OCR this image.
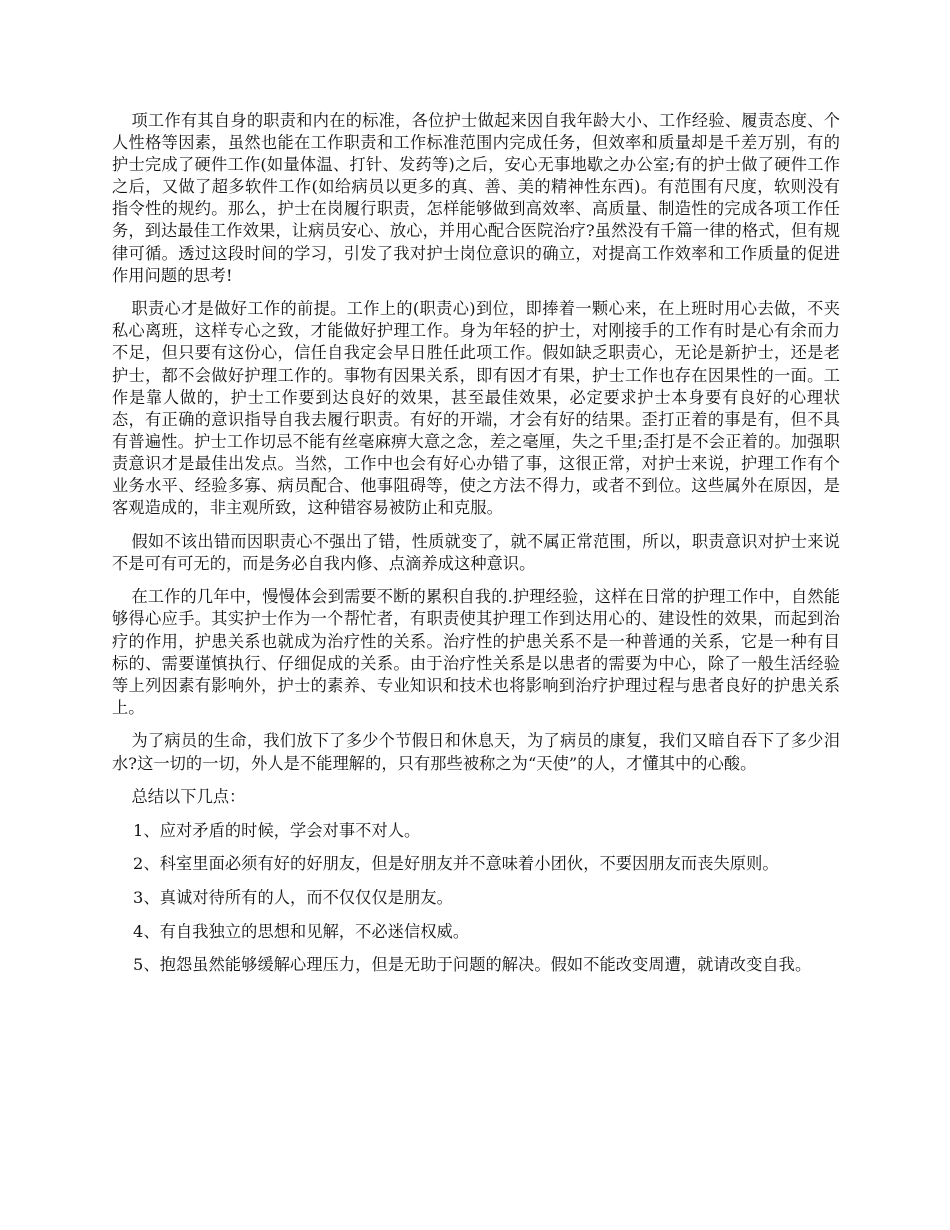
项工作有其自身的职责和内在的标准，各位护士做起来因自我年龄大小、工作经验、履责态度、个人性格等因素，虽然也能在工作职责和工作标准范围内完成任务，但效率和质量却是千差万别，有的护士完成了硬件工作(如量体温、打针、发药等)之后，安心无事地歇之办公室;有的护士做了硬件工作之后，又做了超多软件工作(如给病员以更多的真、善、美的精神性东西)。有范围有尺度，软则没有指令性的规约。那么，护士在岗履行职责，怎样能够做到高效率、高质量、制造性的完成各项工作任务，到达最佳工作效果，让病员安心、放心，并用心配合医院治疗?虽然没有千篇一律的格式，但有规律可循。透过这段时间的学习，引发了我对护士岗位意识的确立，对提高工作效率和工作质量的促进作用问题的思考!

职责心才是做好工作的前提。工作上的(职责心)到位，即捧着一颗心来，在上班时用心去做，不夹私心离班，这样专心之致，才能做好护理工作。身为年轻的护士，对刚接手的工作有时是心有余而力不足，但只要有这份心，信任自我定会早日胜任此项工作。假如缺乏职责心，无论是新护士，还是老护士，都不会做好护理工作的。事物有因果关系，即有因才有果，护士工作也存在因果性的一面。工作是靠人做的，护士工作要到达良好的效果，甚至最佳效果，必定要求护士本身要有良好的心理状态，有正确的意识指导自我去履行职责。有好的开端，才会有好的结果。歪打正着的事是有，但不具有普遍性。护士工作切忌不能有丝毫麻痹大意之念，差之毫厘，失之千里;歪打是不会正着的。加强职责意识才是最佳出发点。当然，工作中也会有好心办错了事，这很正常，对护士来说，护理工作有个业务水平、经验多寡、病员配合、他事阻碍等，使之方法不得力，或者不到位。这些属外在原因，是客观造成的，非主观所致，这种错容易被防止和克服。

假如不该出错而因职责心不强出了错，性质就变了，就不属正常范围，所以，职责意识对护士来说不是可有可无的，而是务必自我内修、点滴养成这种意识。

在工作的几年中，慢慢体会到需要不断的累积自我的.护理经验，这样在日常的护理工作中，自然能够得心应手。其实护士作为一个帮忙者，有职责使其护理工作到达用心的、建设性的效果，而起到治疗的作用，护患关系也就成为治疗性的关系。治疗性的护患关系不是一种普通的关系，它是一种有目标的、需要谨慎执行、仔细促成的关系。由于治疗性关系是以患者的需要为中心，除了一般生活经验等上列因素有影响外，护士的素养、专业知识和技术也将影响到治疗护理过程与患者良好的护患关系上。

为了病员的生命，我们放下了多少个节假日和休息天，为了病员的康复，我们又暗自吞下了多少泪水?这一切的一切，外人是不能理解的，只有那些被称之为“天使”的人，才懂其中的心酸。

总结以下几点：

1、应对矛盾的时候，学会对事不对人。

2、科室里面必须有好的好朋友，但是好朋友并不意味着小团伙，不要因朋友而丧失原则。

3、真诚对待所有的人，而不仅仅仅是朋友。

4、有自我独立的思想和见解，不必迷信权威。

5、抱怨虽然能够缓解心理压力，但是无助于问题的解决。假如不能改变周遭，就请改变自我。
